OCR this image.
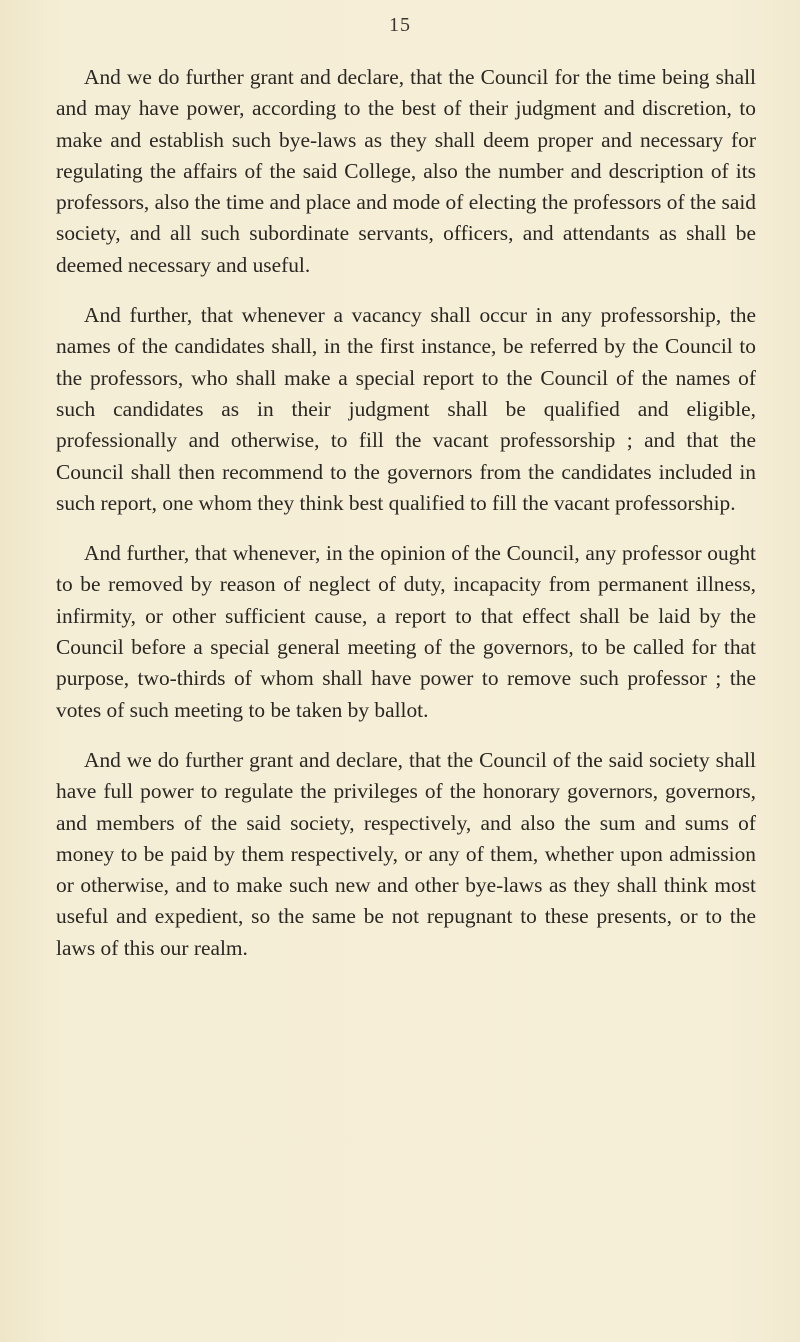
15

And we do further grant and declare, that the Council for the time being shall and may have power, according to the best of their judgment and discretion, to make and establish such bye-laws as they shall deem proper and necessary for regulating the affairs of the said College, also the number and description of its professors, also the time and place and mode of electing the professors of the said society, and all such subordinate servants, officers, and attendants as shall be deemed necessary and useful.

And further, that whenever a vacancy shall occur in any professorship, the names of the candidates shall, in the first instance, be referred by the Council to the professors, who shall make a special report to the Council of the names of such candidates as in their judgment shall be qualified and eligible, professionally and otherwise, to fill the vacant professorship ; and that the Council shall then recommend to the governors from the candidates included in such report, one whom they think best qualified to fill the vacant professorship.

And further, that whenever, in the opinion of the Council, any professor ought to be removed by reason of neglect of duty, incapacity from permanent illness, infirmity, or other sufficient cause, a report to that effect shall be laid by the Council before a special general meeting of the governors, to be called for that purpose, two-thirds of whom shall have power to remove such professor ; the votes of such meeting to be taken by ballot.

And we do further grant and declare, that the Council of the said society shall have full power to regulate the privileges of the honorary governors, governors, and members of the said society, respectively, and also the sum and sums of money to be paid by them respectively, or any of them, whether upon admission or otherwise, and to make such new and other bye-laws as they shall think most useful and expedient, so the same be not repugnant to these presents, or to the laws of this our realm.
